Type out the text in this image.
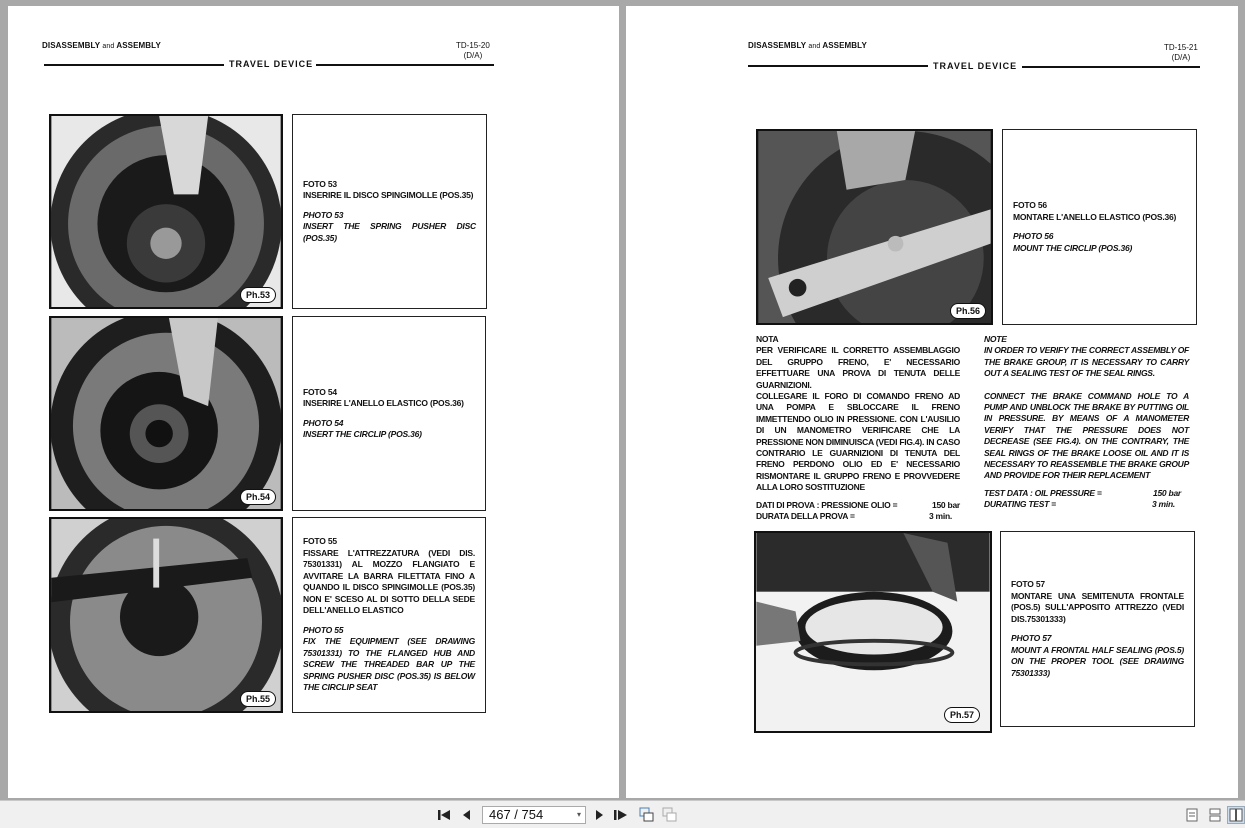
DISASSEMBLY and ASSEMBLY	TD-15-20
(D/A)
TRAVEL DEVICE
Ph.53

FOTO 53

INSERIRE IL DISCO SPINGIMOLLE (POS.35)

PHOTO 53

INSERT THE SPRING PUSHER DISC (POS.35)

Ph.54

FOTO 54

INSERIRE L'ANELLO ELASTICO (POS.36)

PHOTO 54

INSERT THE CIRCLIP (POS.36)

Ph.55

FOTO 55

FISSARE L'ATTREZZATURA (VEDI DIS. 75301331) AL MOZZO FLANGIATO E AVVITARE LA BARRA FILETTATA FINO A QUANDO IL DISCO SPINGIMOLLE (POS.35) NON E' SCESO AL DI SOTTO DELLA SEDE DELL'ANELLO ELASTICO

PHOTO 55

FIX THE EQUIPMENT (SEE DRAWING 75301331) TO THE FLANGED HUB AND SCREW THE THREADED BAR UP THE SPRING PUSHER DISC (POS.35) IS BELOW THE CIRCLIP SEAT

DISASSEMBLY and ASSEMBLY	TD-15-21
(D/A)
TRAVEL DEVICE
Ph.56

FOTO 56

MONTARE L'ANELLO ELASTICO (POS.36)

PHOTO 56

MOUNT THE CIRCLIP (POS.36)

NOTA
PER VERIFICARE IL CORRETTO ASSEMBLAGGIO DEL GRUPPO FRENO, E' NECESSARIO EFFETTUARE UNA PROVA DI TENUTA DELLE GUARNIZIONI.
COLLEGARE IL FORO DI COMANDO FRENO AD UNA POMPA E SBLOCCARE IL FRENO IMMETTENDO OLIO IN PRESSIONE. CON L'AUSILIO DI UN MANOMETRO VERIFICARE CHE LA PRESSIONE NON DIMINUISCA (VEDI FIG.4). IN CASO CONTRARIO LE GUARNIZIONI DI TENUTA DEL FRENO PERDONO OLIO ED E' NECESSARIO RISMONTARE IL GRUPPO FRENO E PROVVEDERE ALLA LORO SOSTITUZIONE
DATI DI PROVA : PRESSIONE OLIO =	150 bar
DURATA DELLA PROVA =	3 min.
NOTE
IN ORDER TO VERIFY THE CORRECT ASSEMBLY OF THE BRAKE GROUP, IT IS NECESSARY TO CARRY OUT A SEALING TEST OF THE SEAL RINGS.
CONNECT THE BRAKE COMMAND HOLE TO A PUMP AND UNBLOCK THE BRAKE BY PUTTING OIL IN PRESSURE. BY MEANS OF A MANOMETER VERIFY THAT THE PRESSURE DOES NOT DECREASE (SEE FIG.4). ON THE CONTRARY, THE SEAL RINGS OF THE BRAKE LOOSE OIL AND IT IS NECESSARY TO REASSEMBLE THE BRAKE GROUP AND PROVIDE FOR THEIR REPLACEMENT
TEST DATA : OIL PRESSURE =	150 bar
DURATING TEST =	3 min.
Ph.57

FOTO 57

MONTARE UNA SEMITENUTA FRONTALE (POS.5) SULL'APPOSITO ATTREZZO (VEDI DIS.75301333)

PHOTO 57

MOUNT A FRONTAL HALF SEALING (POS.5) ON THE PROPER TOOL (SEE DRAWING 75301333)

467 / 754	▾
